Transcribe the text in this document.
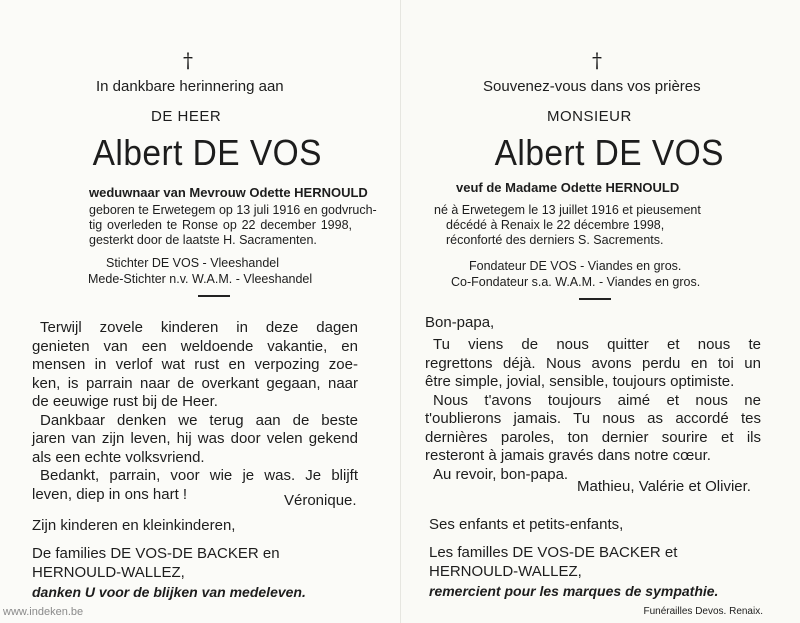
†
In dankbare herinnering aan
DE HEER
Albert DE VOS
weduwnaar van Mevrouw Odette HERNOULD
geboren te Erwetegem op 13 juli 1916 en godvruch-
tig overleden te Ronse op 22 december 1998,
gesterkt door de laatste H. Sacramenten.
Stichter DE VOS - Vleeshandel
Mede-Stichter n.v. W.A.M. - Vleeshandel
Terwijl zovele kinderen in deze dagen
genieten van een weldoende vakantie, en
mensen in verlof wat rust en verpozing zoe-
ken, is parrain naar de overkant gegaan, naar
de eeuwige rust bij de Heer.
Dankbaar denken we terug aan de beste
jaren van zijn leven, hij was door velen gekend
als een echte volksvriend.
Bedankt, parrain, voor wie je was. Je blijft
leven, diep in ons hart !	Véronique.
Zijn kinderen en kleinkinderen,
De families DE VOS-DE BACKER en
HERNOULD-WALLEZ,
danken U voor de blijken van medeleven.
†
Souvenez-vous dans vos prières
MONSIEUR
Albert DE VOS
veuf de Madame Odette HERNOULD
né à Erwetegem le 13 juillet 1916 et pieusement
décédé à Renaix le 22 décembre 1998,
réconforté des derniers S. Sacrements.
Fondateur DE VOS - Viandes en gros.
Co-Fondateur s.a. W.A.M. - Viandes en gros.
Bon-papa,
Tu viens de nous quitter et nous te
regrettons déjà. Nous avons perdu en toi un
être simple, jovial, sensible, toujours optimiste.
Nous t'avons toujours aimé et nous ne
t'oublierons jamais. Tu nous as accordé tes
dernières paroles, ton dernier sourire et ils
resteront à jamais gravés dans notre cœur.
Au revoir, bon-papa.
Mathieu, Valérie et Olivier.
Ses enfants et petits-enfants,
Les familles DE VOS-DE BACKER et
HERNOULD-WALLEZ,
remercient pour les marques de sympathie.
Funérailles Devos. Renaix.
www.indeken.be
